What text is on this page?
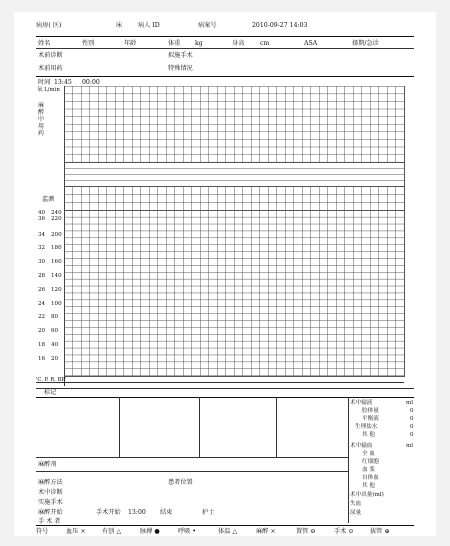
病房( 区)	床	病人 ID	病案号	2010-09-27 14:03
姓名	性别	年龄	体重 kg	身高	cm	ASA	择期/急诊
术前诊断	拟施手术
术前用药	特殊情况
时间 13:45 00:00
氧 L/min
麻醉中用药
监测
40 240
36 220
34 200
32 180
30 160
28 140
26 120
24 100
22 80
20 60
18 40
16 20
'C. P. R. BP'
标记
术中输液	ml
胶体量	0
平衡液	0
生理盐水	0
其 他	0
术中输血	ml
全 血
红细胞
血 浆
自体血
其 他
术中出量(ml)
失血
尿量
麻醉剂
麻醉方法	患者位置
术中诊断
实施手术
麻醉开始	手术开始 13:00 结束	护士
手 术 者
符号	血压 ×	有创 △	脉搏 ●	呼吸 •	体温 △	麻醉 ×	置管 ⊖	手术 ⊙	拔管 ⊕
